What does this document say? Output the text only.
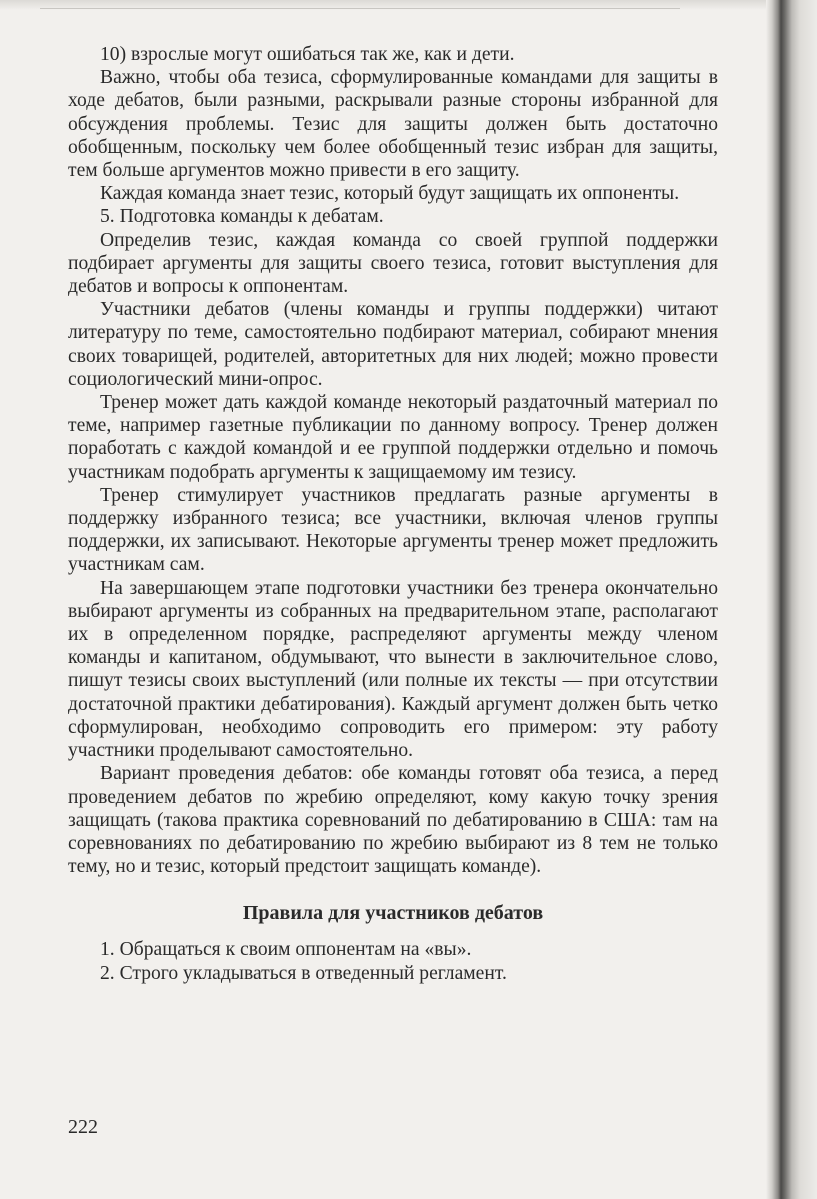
10) взрослые могут ошибаться так же, как и дети.

Важно, чтобы оба тезиса, сформулированные командами для защиты в ходе дебатов, были разными, раскрывали разные стороны избранной для обсуждения проблемы. Тезис для защиты должен быть достаточно обобщенным, поскольку чем более обобщенный тезис избран для защиты, тем больше аргументов можно привести в его защиту.

Каждая команда знает тезис, который будут защищать их оппоненты.

5. Подготовка команды к дебатам.

Определив тезис, каждая команда со своей группой поддержки подбирает аргументы для защиты своего тезиса, готовит выступления для дебатов и вопросы к оппонентам.

Участники дебатов (члены команды и группы поддержки) читают литературу по теме, самостоятельно подбирают материал, собирают мнения своих товарищей, родителей, авторитетных для них людей; можно провести социологический мини-опрос.

Тренер может дать каждой команде некоторый раздаточный материал по теме, например газетные публикации по данному вопросу. Тренер должен поработать с каждой командой и ее группой поддержки отдельно и помочь участникам подобрать аргументы к защищаемому им тезису.

Тренер стимулирует участников предлагать разные аргументы в поддержку избранного тезиса; все участники, включая членов группы поддержки, их записывают. Некоторые аргументы тренер может предложить участникам сам.

На завершающем этапе подготовки участники без тренера окончательно выбирают аргументы из собранных на предварительном этапе, располагают их в определенном порядке, распределяют аргументы между членом команды и капитаном, обдумывают, что вынести в заключительное слово, пишут тезисы своих выступлений (или полные их тексты — при отсутствии достаточной практики дебатирования). Каждый аргумент должен быть четко сформулирован, необходимо сопроводить его примером: эту работу участники проделывают самостоятельно.

Вариант проведения дебатов: обе команды готовят оба тезиса, а перед проведением дебатов по жребию определяют, кому какую точку зрения защищать (такова практика соревнований по дебатированию в США: там на соревнованиях по дебатированию по жребию выбирают из 8 тем не только тему, но и тезис, который предстоит защищать команде).

Правила для участников дебатов

1. Обращаться к своим оппонентам на «вы».

2. Строго укладываться в отведенный регламент.

222
